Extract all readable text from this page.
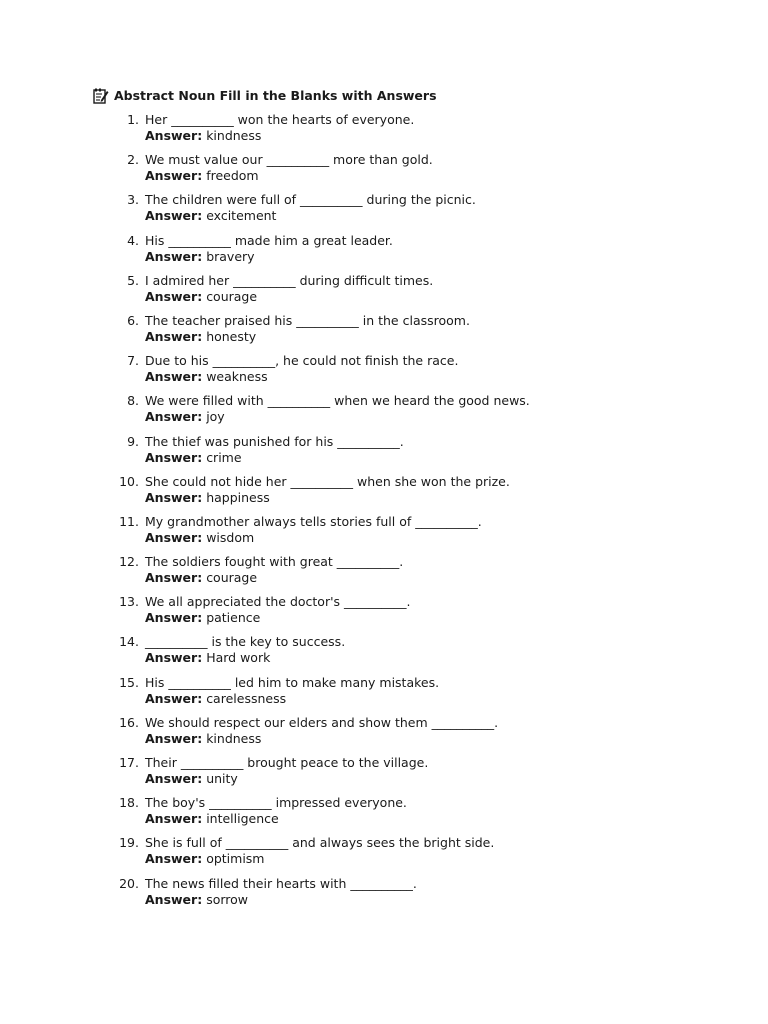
Abstract Noun Fill in the Blanks with Answers
1. Her __________ won the hearts of everyone.
Answer: kindness
2. We must value our __________ more than gold.
Answer: freedom
3. The children were full of __________ during the picnic.
Answer: excitement
4. His __________ made him a great leader.
Answer: bravery
5. I admired her __________ during difficult times.
Answer: courage
6. The teacher praised his __________ in the classroom.
Answer: honesty
7. Due to his __________, he could not finish the race.
Answer: weakness
8. We were filled with __________ when we heard the good news.
Answer: joy
9. The thief was punished for his __________.
Answer: crime
10. She could not hide her __________ when she won the prize.
Answer: happiness
11. My grandmother always tells stories full of __________.
Answer: wisdom
12. The soldiers fought with great __________.
Answer: courage
13. We all appreciated the doctor's __________.
Answer: patience
14. __________ is the key to success.
Answer: Hard work
15. His __________ led him to make many mistakes.
Answer: carelessness
16. We should respect our elders and show them __________.
Answer: kindness
17. Their __________ brought peace to the village.
Answer: unity
18. The boy's __________ impressed everyone.
Answer: intelligence
19. She is full of __________ and always sees the bright side.
Answer: optimism
20. The news filled their hearts with __________.
Answer: sorrow
